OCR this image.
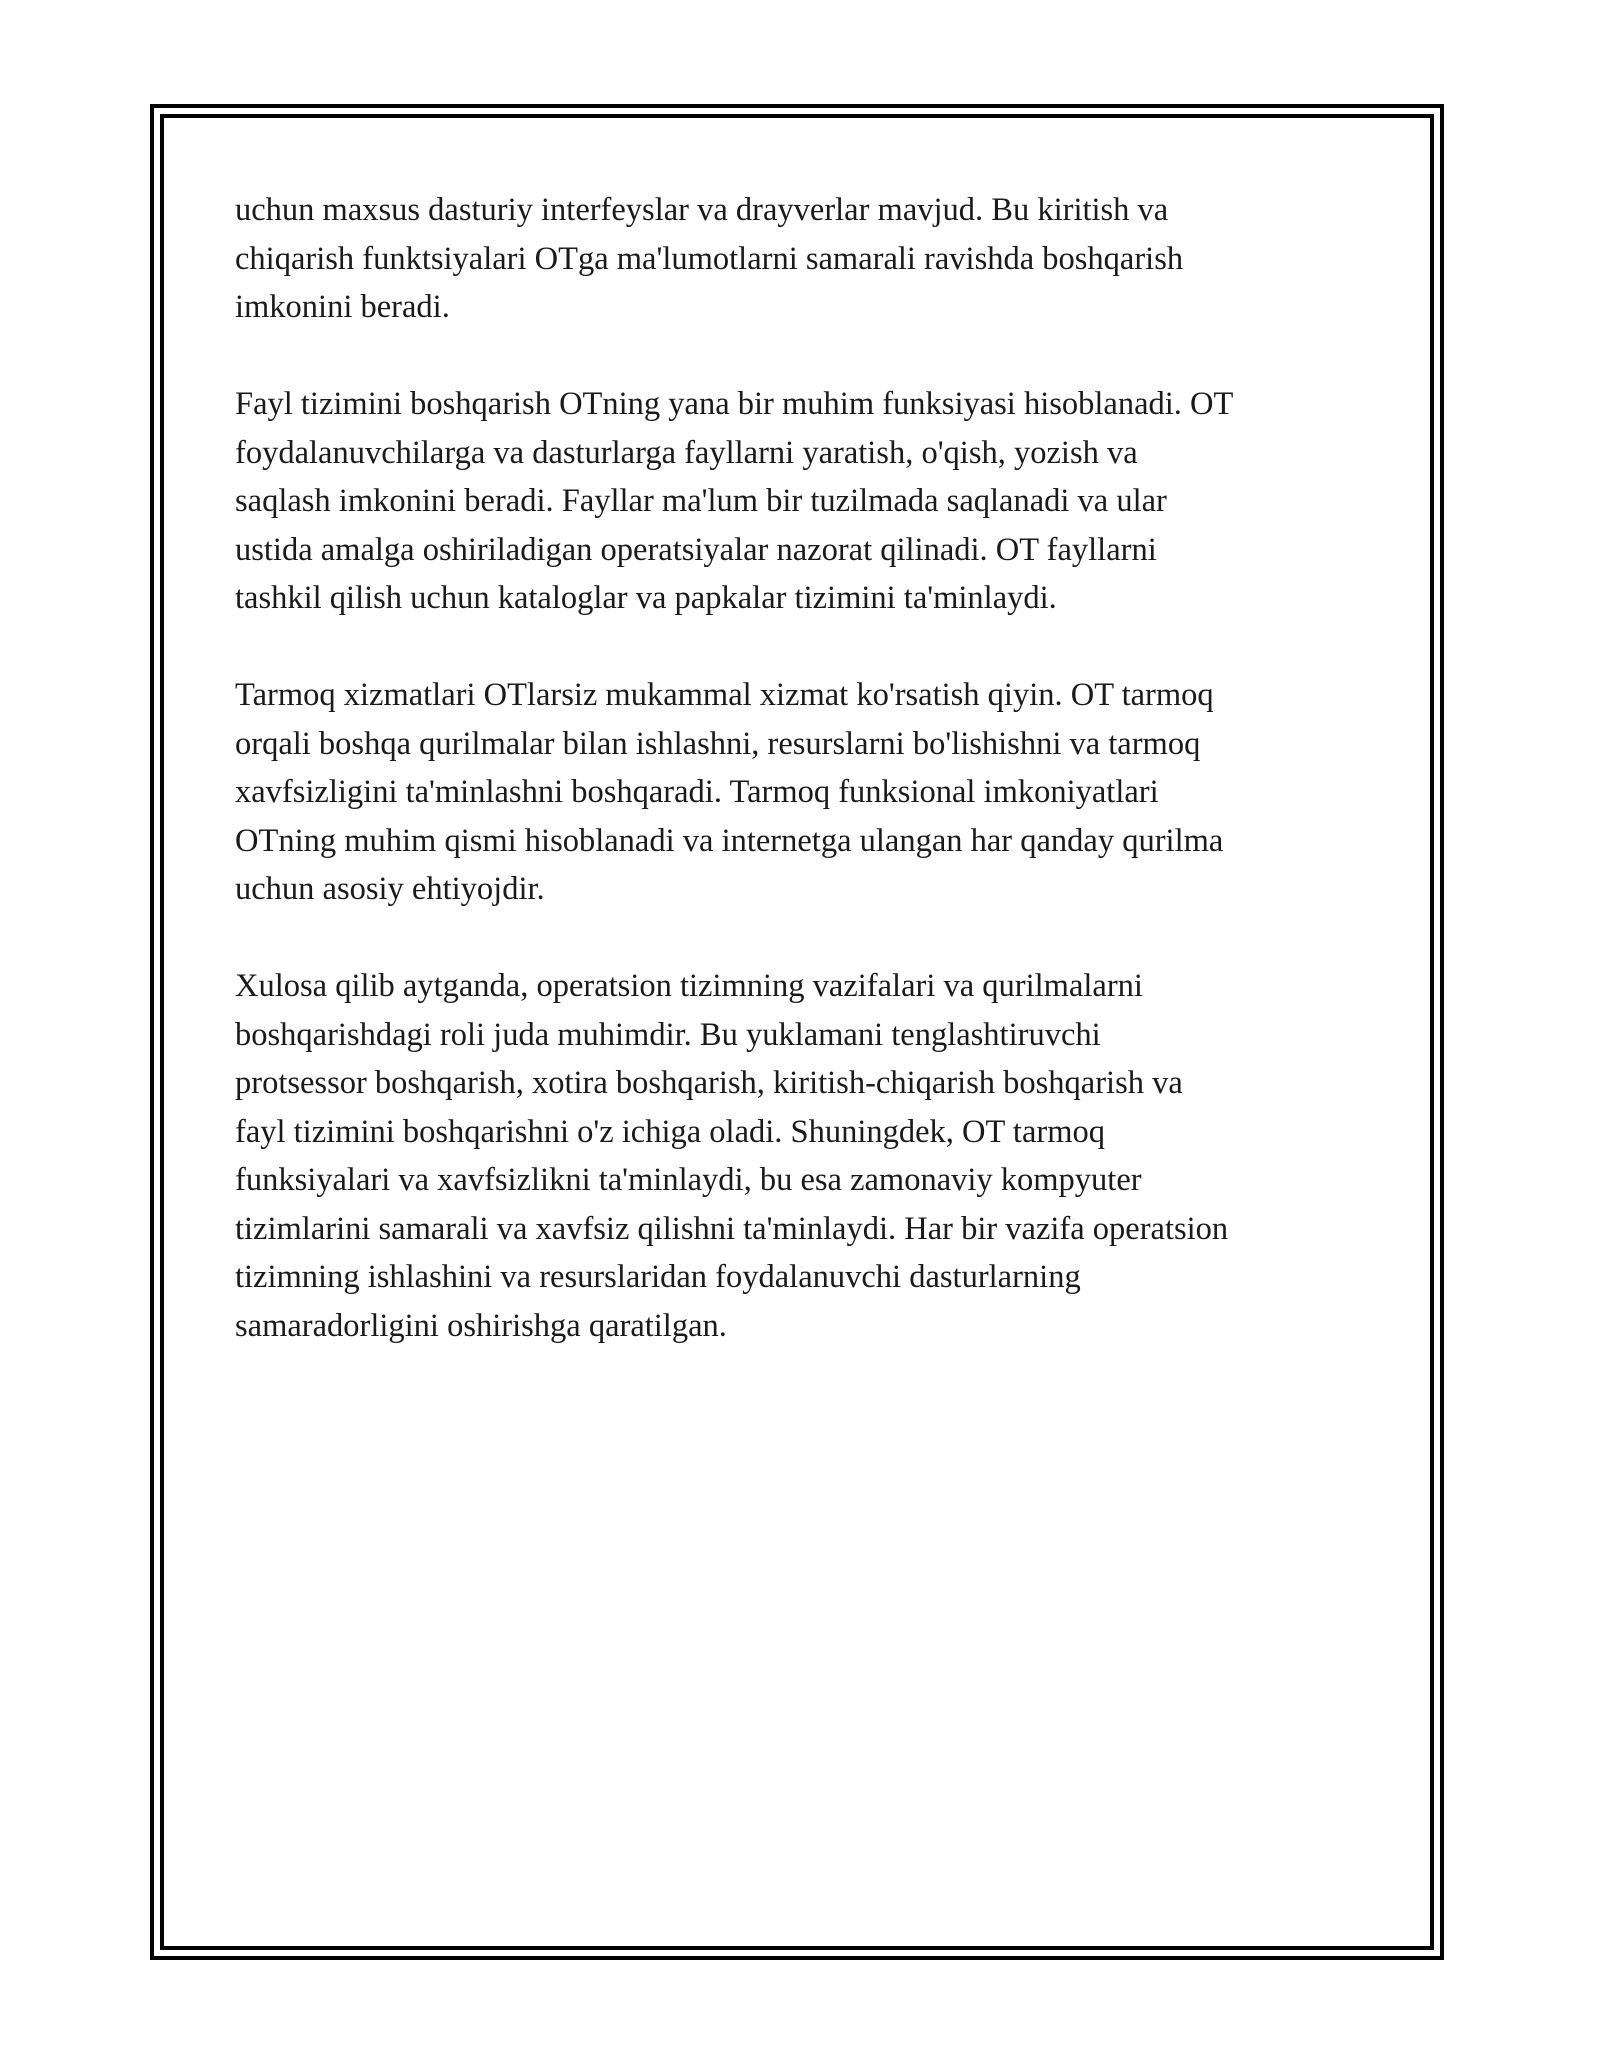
uchun maxsus dasturiy interfeyslar va drayverlar mavjud. Bu kiritish va
chiqarish funktsiyalari OTga ma'lumotlarni samarali ravishda boshqarish
imkonini beradi.

Fayl tizimini boshqarish OTning yana bir muhim funksiyasi hisoblanadi. OT
foydalanuvchilarga va dasturlarga fayllarni yaratish, o'qish, yozish va
saqlash imkonini beradi. Fayllar ma'lum bir tuzilmada saqlanadi va ular
ustida amalga oshiriladigan operatsiyalar nazorat qilinadi. OT fayllarni
tashkil qilish uchun kataloglar va papkalar tizimini ta'minlaydi.

Tarmoq xizmatlari OTlarsiz mukammal xizmat ko'rsatish qiyin. OT tarmoq
orqali boshqa qurilmalar bilan ishlashni, resurslarni bo'lishishni va tarmoq
xavfsizligini ta'minlashni boshqaradi. Tarmoq funksional imkoniyatlari
OTning muhim qismi hisoblanadi va internetga ulangan har qanday qurilma
uchun asosiy ehtiyojdir.

Xulosa qilib aytganda, operatsion tizimning vazifalari va qurilmalarni
boshqarishdagi roli juda muhimdir. Bu yuklamani tenglashtiruvchi
protsessor boshqarish, xotira boshqarish, kiritish-chiqarish boshqarish va
fayl tizimini boshqarishni o'z ichiga oladi. Shuningdek, OT tarmoq
funksiyalari va xavfsizlikni ta'minlaydi, bu esa zamonaviy kompyuter
tizimlarini samarali va xavfsiz qilishni ta'minlaydi. Har bir vazifa operatsion
tizimning ishlashini va resurslaridan foydalanuvchi dasturlarning
samaradorligini oshirishga qaratilgan.
